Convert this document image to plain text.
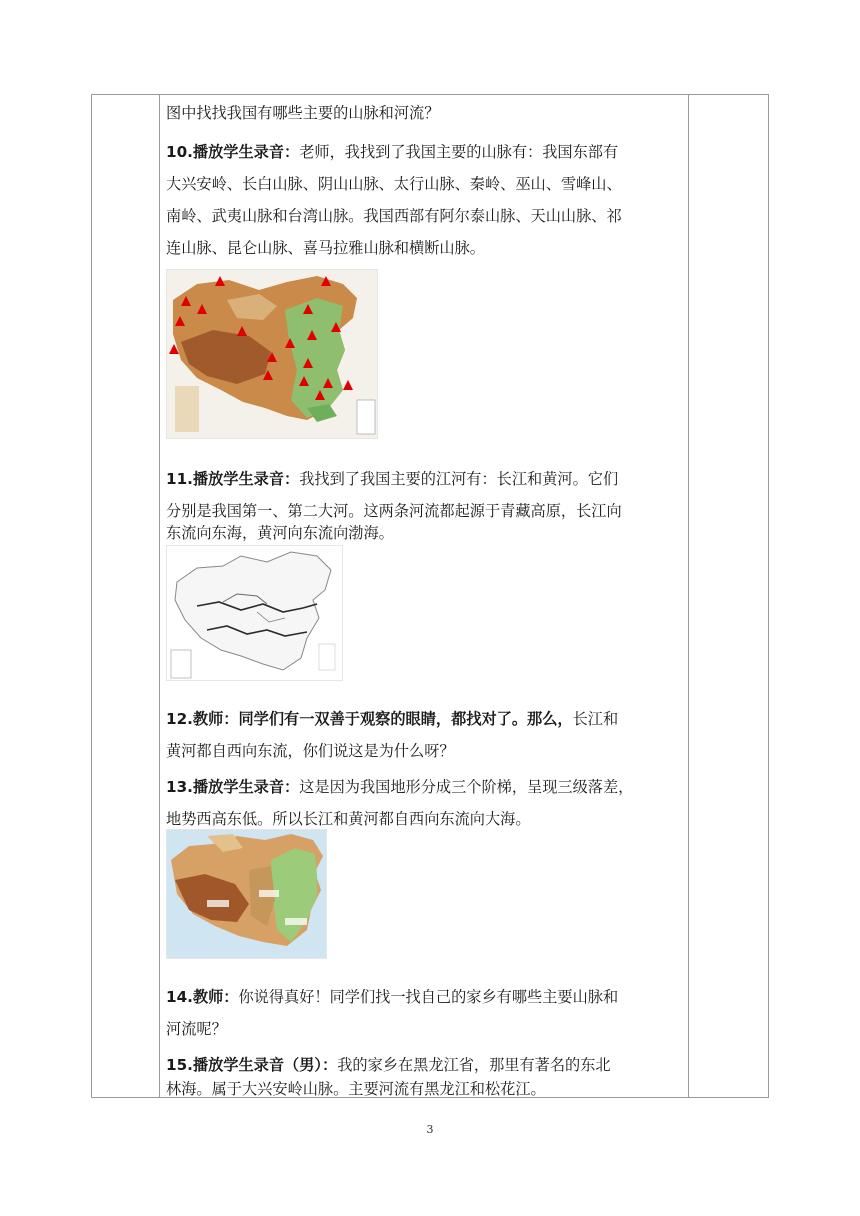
图中找找我国有哪些主要的山脉和河流？

10.播放学生录音：老师，我找到了我国主要的山脉有：我国东部有

大兴安岭、长白山脉、阴山山脉、太行山脉、秦岭、巫山、雪峰山、

南岭、武夷山脉和台湾山脉。我国西部有阿尔泰山脉、天山山脉、祁

连山脉、昆仑山脉、喜马拉雅山脉和横断山脉。

11.播放学生录音：我找到了我国主要的江河有：长江和黄河。它们

分别是我国第一、第二大河。这两条河流都起源于青藏高原，长江向

东流向东海，黄河向东流向渤海。

12.教师：同学们有一双善于观察的眼睛，都找对了。那么，长江和

黄河都自西向东流，你们说这是为什么呀？

13.播放学生录音：这是因为我国地形分成三个阶梯，呈现三级落差，

地势西高东低。所以长江和黄河都自西向东流向大海。

14.教师：你说得真好！同学们找一找自己的家乡有哪些主要山脉和

河流呢？

15.播放学生录音（男）：我的家乡在黑龙江省，那里有著名的东北

林海。属于大兴安岭山脉。主要河流有黑龙江和松花江。

3
